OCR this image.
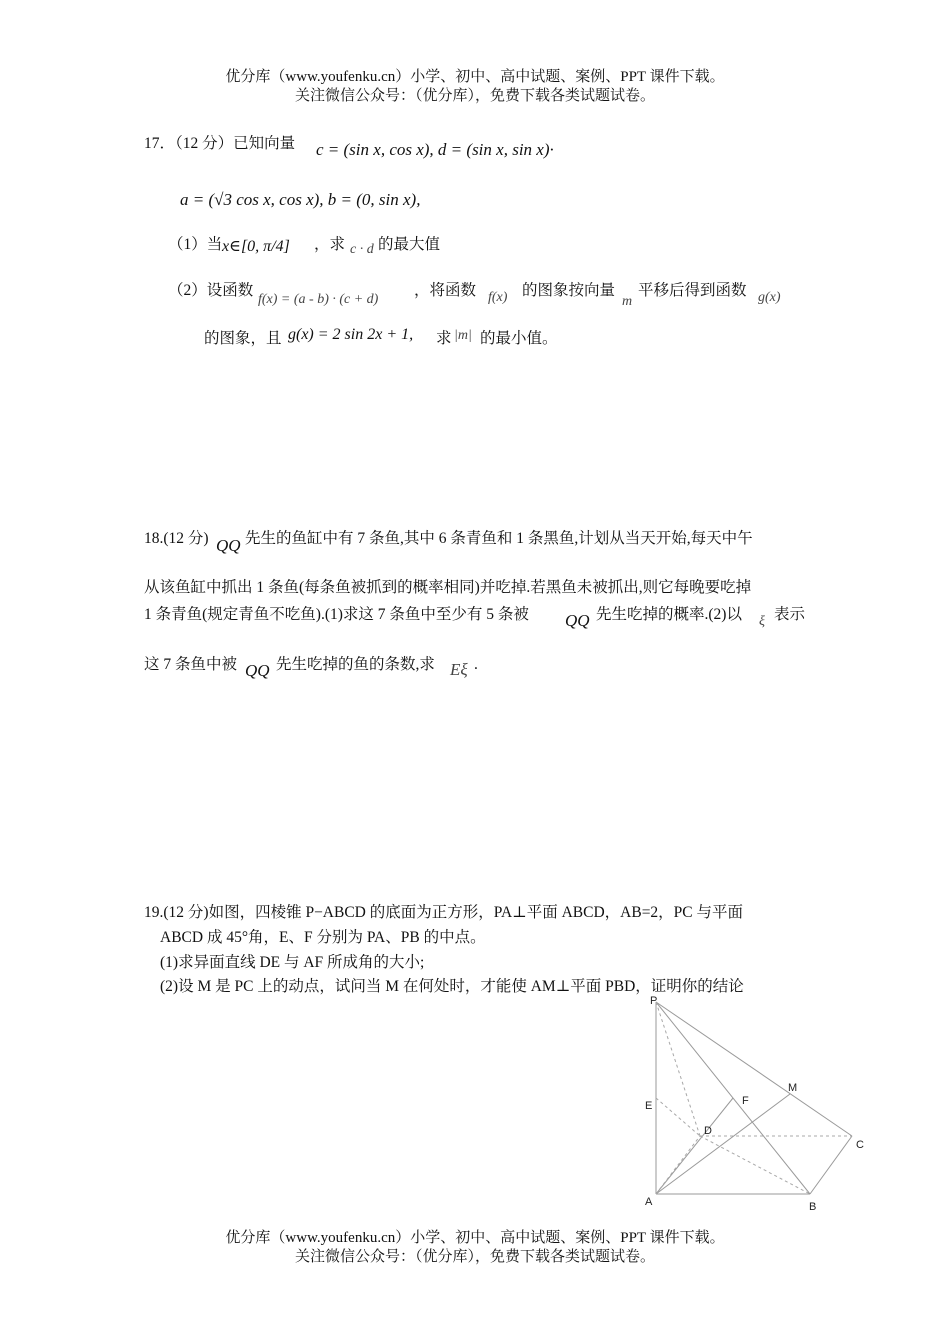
优分库（www.youfenku.cn）小学、初中、高中试题、案例、PPT 课件下载。
关注微信公众号：（优分库），免费下载各类试题试卷。
17．（12 分）已知向量 c = (sin x, cos x), d = (sin x, sin x)·
a = (√3 cos x, cos x), b = (0, sin x),
（1）当 x∈[0, π/4] ，求 c · d 的最大值
（2）设函数
f(x) = (a - b) · (c + d)
，将函数 f(x) 的图象按向量
m
平移后得到函数 g(x)
的图象，且 g(x) = 2 sin 2x + 1, 求 |m| 的最小值。
18.(12 分) QQ 先生的鱼缸中有 7 条鱼,其中 6 条青鱼和 1 条黑鱼,计划从当天开始,每天中午
从该鱼缸中抓出 1 条鱼(每条鱼被抓到的概率相同)并吃掉.若黑鱼未被抓出,则它每晚要吃掉
1 条青鱼(规定青鱼不吃鱼).(1)求这 7 条鱼中至少有 5 条被 QQ 先生吃掉的概率.(2)以 ξ 表示
这 7 条鱼中被 QQ 先生吃掉的鱼的条数,求 Eξ .
19.(12 分)如图，四棱锥 P−ABCD 的底面为正方形，PA⊥平面 ABCD，AB=2，PC 与平面
ABCD 成 45°角，E、F 分别为 PA、PB 的中点。
(1)求异面直线 DE 与 AF 所成角的大小;
(2)设 M 是 PC 上的动点，试问当 M 在何处时，才能使 AM⊥平面 PBD，证明你的结论
P
E
D
F
M
C
A	B
优分库（www.youfenku.cn）小学、初中、高中试题、案例、PPT 课件下载。
关注微信公众号：（优分库），免费下载各类试题试卷。
